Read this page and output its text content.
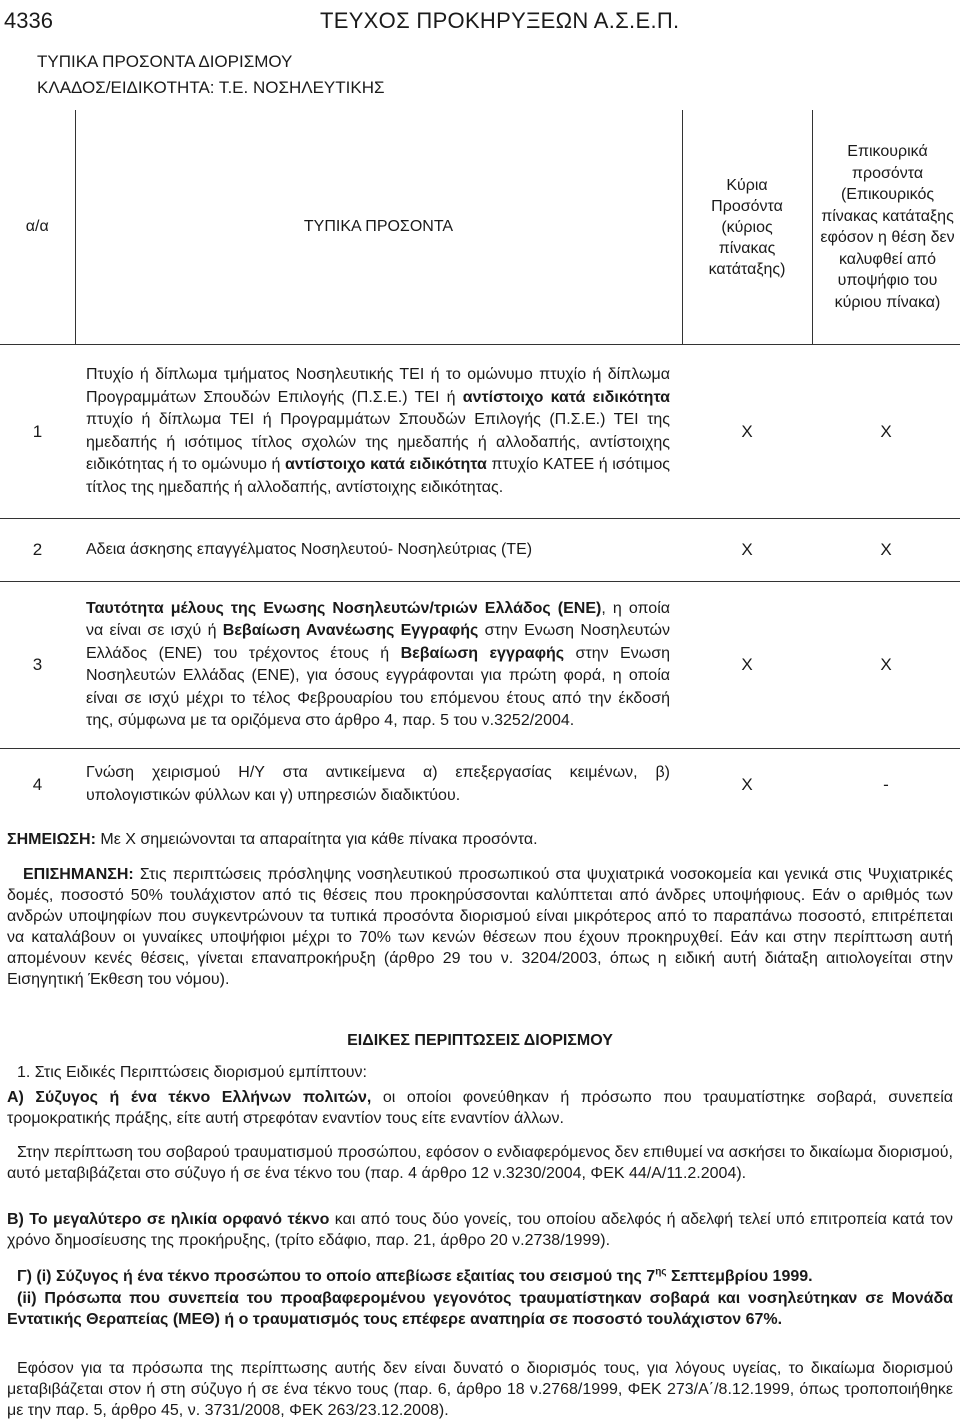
4336	ΤΕΥΧΟΣ ΠΡΟΚΗΡΥΞΕΩΝ Α.Σ.Ε.Π.
ΤΥΠΙΚΑ ΠΡΟΣΟΝΤΑ ΔΙΟΡΙΣΜΟΥ
ΚΛΑΔΟΣ/ΕΙΔΙΚΟΤΗΤΑ: Τ.Ε. ΝΟΣΗΛΕΥΤΙΚΗΣ
α/α	ΤΥΠΙΚΑ ΠΡΟΣΟΝΤΑ	Κύρια Προσόντα (κύριος πίνακας κατάταξης)	Επικουρικά προσόντα (Επικουρικός πίνακας κατάταξης εφόσον η θέση δεν καλυφθεί από υποψήφιο του κύριου πίνακα)
1	Πτυχίο ή δίπλωμα τμήματος Νοσηλευτικής ΤΕΙ ή το ομώνυμο πτυχίο ή δίπλωμα Προγραμμάτων Σπουδών Επιλογής (Π.Σ.Ε.) ΤΕΙ ή αντίστοιχο κατά ειδικότητα πτυχίο ή δίπλωμα ΤΕΙ ή Προγραμμάτων Σπουδών Επιλογής (Π.Σ.Ε.) ΤΕΙ της ημεδαπής ή ισότιμος τίτλος σχολών της ημεδαπής ή αλλοδαπής, αντίστοιχης ειδικότητας ή το ομώνυμο ή αντίστοιχο κατά ειδικότητα πτυχίο ΚΑΤΕΕ ή ισότιμος τίτλος της ημεδαπής ή αλλοδαπής, αντίστοιχης ειδικότητας.	Χ	Χ
2	Αδεια άσκησης επαγγέλματος Νοσηλευτού- Νοσηλεύτριας (ΤΕ)	Χ	Χ
3	Ταυτότητα μέλους της Ενωσης Νοσηλευτών/τριών Ελλάδος (ΕΝΕ), η οποία να είναι σε ισχύ ή Βεβαίωση Ανανέωσης Εγγραφής στην Ενωση Νοσηλευτών Ελλάδος (ΕΝΕ) του τρέχοντος έτους ή Βεβαίωση εγγραφής στην Ενωση Νοσηλευτών Ελλάδας (ΕΝΕ), για όσους εγγράφονται για πρώτη φορά, η οποία είναι σε ισχύ μέχρι το τέλος Φεβρουαρίου του επόμενου έτους από την έκδοσή της, σύμφωνα με τα οριζόμενα στο άρθρο 4, παρ. 5 του ν.3252/2004.	Χ	Χ
4	Γνώση χειρισμού Η/Υ στα αντικείμενα α) επεξεργασίας κειμένων, β) υπολογιστικών φύλλων και γ) υπηρεσιών διαδικτύου.	Χ	-
ΣΗΜΕΙΩΣΗ: Με Χ σημειώνονται τα απαραίτητα για κάθε πίνακα προσόντα.
ΕΠΙΣΗΜΑΝΣΗ: Στις περιπτώσεις πρόσληψης νοσηλευτικού προσωπικού στα ψυχιατρικά νοσοκομεία και γενικά στις Ψυχιατρικές δομές, ποσοστό 50% τουλάχιστον από τις θέσεις που προκηρύσσονται καλύπτεται από άνδρες υποψήφιους. Εάν ο αριθμός των ανδρών υποψηφίων που συγκεντρώνουν τα τυπικά προσόντα διορισμού είναι μικρότερος από το παραπάνω ποσοστό, επιτρέπεται να καταλάβουν οι γυναίκες υποψήφιοι μέχρι το 70% των κενών θέσεων που έχουν προκηρυχθεί. Εάν και στην περίπτωση αυτή απομένουν κενές θέσεις, γίνεται επαναπροκήρυξη (άρθρο 29 του ν. 3204/2003, όπως η ειδική αυτή διάταξη αιτιολογείται στην Εισηγητική Έκθεση του νόμου).
ΕΙΔΙΚΕΣ ΠΕΡΙΠΤΩΣΕΙΣ ΔΙΟΡΙΣΜΟΥ
1. Στις Ειδικές Περιπτώσεις διορισμού εμπίπτουν:
Α) Σύζυγος ή ένα τέκνο Ελλήνων πολιτών, οι οποίοι φονεύθηκαν ή πρόσωπο που τραυματίστηκε σοβαρά, συνεπεία τρομοκρατικής πράξης, είτε αυτή στρεφόταν εναντίον τους είτε εναντίον άλλων.
Στην περίπτωση του σοβαρού τραυματισμού προσώπου, εφόσον ο ενδιαφερόμενος δεν επιθυμεί να ασκήσει το δικαίωμα διορισμού, αυτό μεταβιβάζεται στο σύζυγο ή σε ένα τέκνο του (παρ. 4 άρθρο 12 ν.3230/2004, ΦΕΚ 44/Α/11.2.2004).
Β) Το μεγαλύτερο σε ηλικία ορφανό τέκνο και από τους δύο γονείς, του οποίου αδελφός ή αδελφή τελεί υπό επιτροπεία κατά τον χρόνο δημοσίευσης της προκήρυξης, (τρίτο εδάφιο, παρ. 21, άρθρο 20 ν.2738/1999).
Γ) (i) Σύζυγος ή ένα τέκνο προσώπου το οποίο απεβίωσε εξαιτίας του σεισμού της $7^{\eta\varsigma}$ Σεπτεμβρίου 1999.
(ii) Πρόσωπα που συνεπεία του προαβαφερομένου γεγονότος τραυματίστηκαν σοβαρά και νοσηλεύτηκαν σε Μονάδα Εντατικής Θεραπείας (ΜΕΘ) ή ο τραυματισμός τους επέφερε αναπηρία σε ποσοστό τουλάχιστον 67%.
Εφόσον για τα πρόσωπα της περίπτωσης αυτής δεν είναι δυνατό ο διορισμός τους, για λόγους υγείας, το δικαίωμα διορισμού μεταβιβάζεται στον ή στη σύζυγο ή σε ένα τέκνο τους (παρ. 6, άρθρο 18 ν.2768/1999, ΦΕΚ 273/Α΄/8.12.1999, όπως τροποποιήθηκε με την παρ. 5, άρθρο 45, ν. 3731/2008, ΦΕΚ 263/23.12.2008).
